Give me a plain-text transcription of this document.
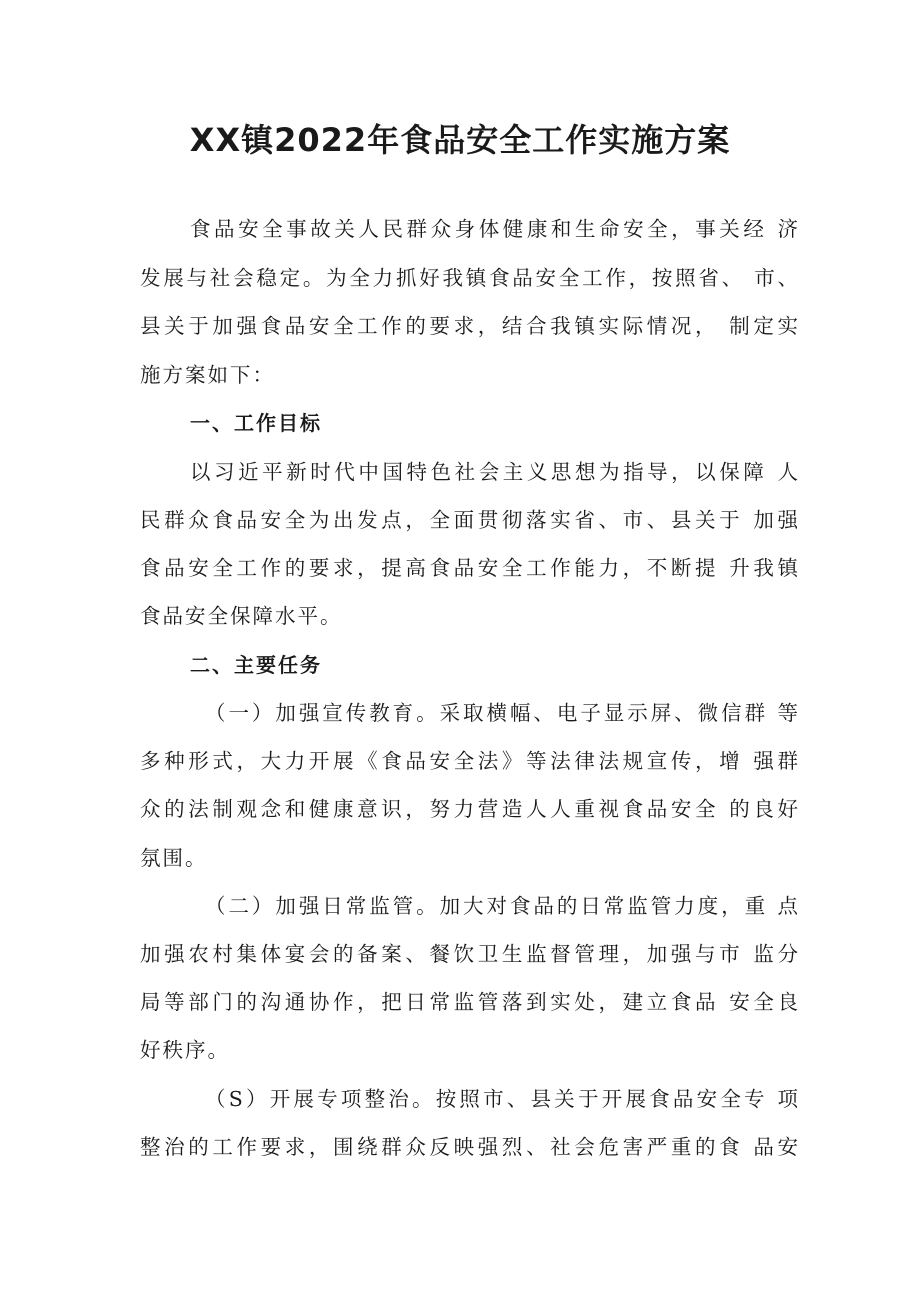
XX镇2022年食品安全工作实施方案
食品安全事故关人民群众身体健康和生命安全，事关经 济
发展与社会稳定。为全力抓好我镇食品安全工作，按照省、 市、
县关于加强食品安全工作的要求，结合我镇实际情况， 制定实
施方案如下：
一、工作目标
以习近平新时代中国特色社会主义思想为指导，以保障 人
民群众食品安全为出发点，全面贯彻落实省、市、县关于 加强
食品安全工作的要求，提高食品安全工作能力，不断提 升我镇
食品安全保障水平。
二、主要任务
（一）加强宣传教育。采取横幅、电子显示屏、微信群 等
多种形式，大力开展《食品安全法》等法律法规宣传，增 强群
众的法制观念和健康意识，努力营造人人重视食品安全 的良好
氛围。
（二）加强日常监管。加大对食品的日常监管力度，重 点
加强农村集体宴会的备案、餐饮卫生监督管理，加强与市 监分
局等部门的沟通协作，把日常监管落到实处，建立食品 安全良
好秩序。
（S）开展专项整治。按照市、县关于开展食品安全专 项
整治的工作要求，围绕群众反映强烈、社会危害严重的食 品安
